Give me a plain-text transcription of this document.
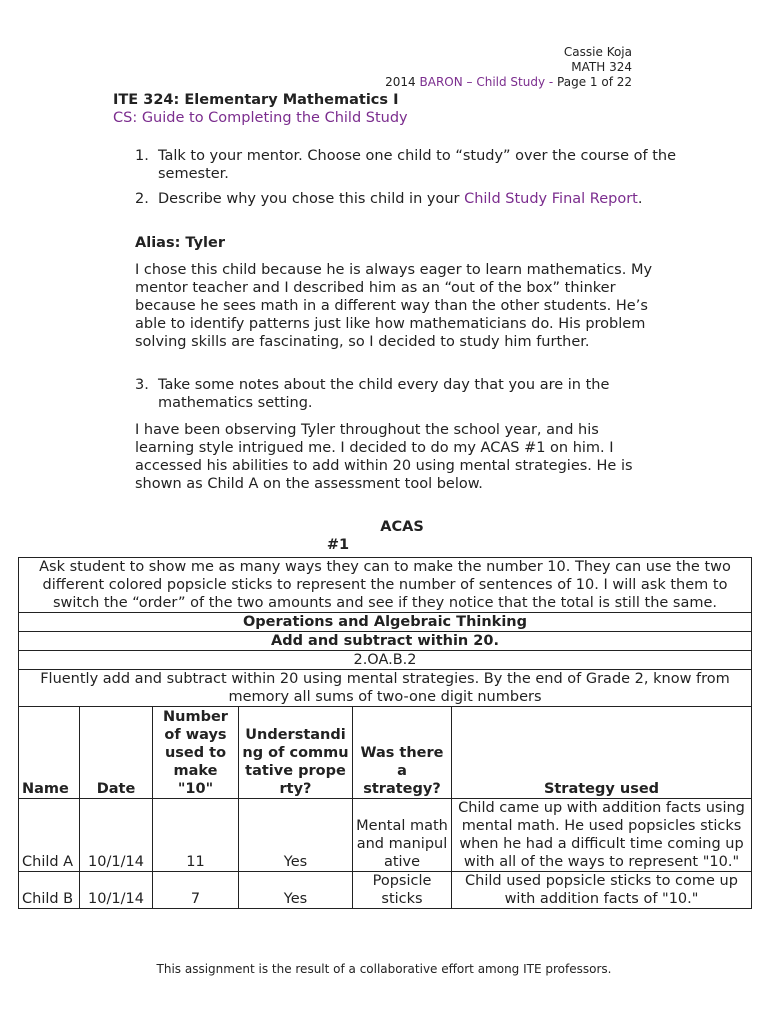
Cassie Koja
MATH 324
2014 BARON – Child Study - Page 1 of 22
ITE 324: Elementary Mathematics I
CS: Guide to Completing the Child Study
1. Talk to your mentor. Choose one child to “study” over the course of the semester.
2. Describe why you chose this child in your Child Study Final Report.
Alias: Tyler
I chose this child because he is always eager to learn mathematics. My mentor teacher and I described him as an “out of the box” thinker because he sees math in a different way than the other students. He’s able to identify patterns just like how mathematicians do. His problem solving skills are fascinating, so I decided to study him further.
3. Take some notes about the child every day that you are in the mathematics setting.
I have been observing Tyler throughout the school year, and his learning style intrigued me. I decided to do my ACAS #1 on him. I accessed his abilities to add within 20 using mental strategies. He is shown as Child A on the assessment tool below.
ACAS
#1
Ask student to show me as many ways they can to make the number 10. They can use the two different colored popsicle sticks to represent the number of sentences of 10. I will ask them to switch the “order” of the two amounts and see if they notice that the total is still the same.					
Operations and Algebraic Thinking					
Add and subtract within 20.					
2.OA.B.2					
Fluently add and subtract within 20 using mental strategies. By the end of Grade 2, know from memory all sums of two-one digit numbers					
Name	Date	Number of ways used to make "10"	Understanding of commutative property?	Was there a strategy?	Strategy used
Child A	10/1/14	11	Yes	Mental math and manipulative	Child came up with addition facts using mental math. He used popsicles sticks when he had a difficult time coming up with all of the ways to represent "10."
Child B	10/1/14	7	Yes	Popsicle sticks	Child used popsicle sticks to come up with addition facts of "10."
This assignment is the result of a collaborative effort among ITE professors.
